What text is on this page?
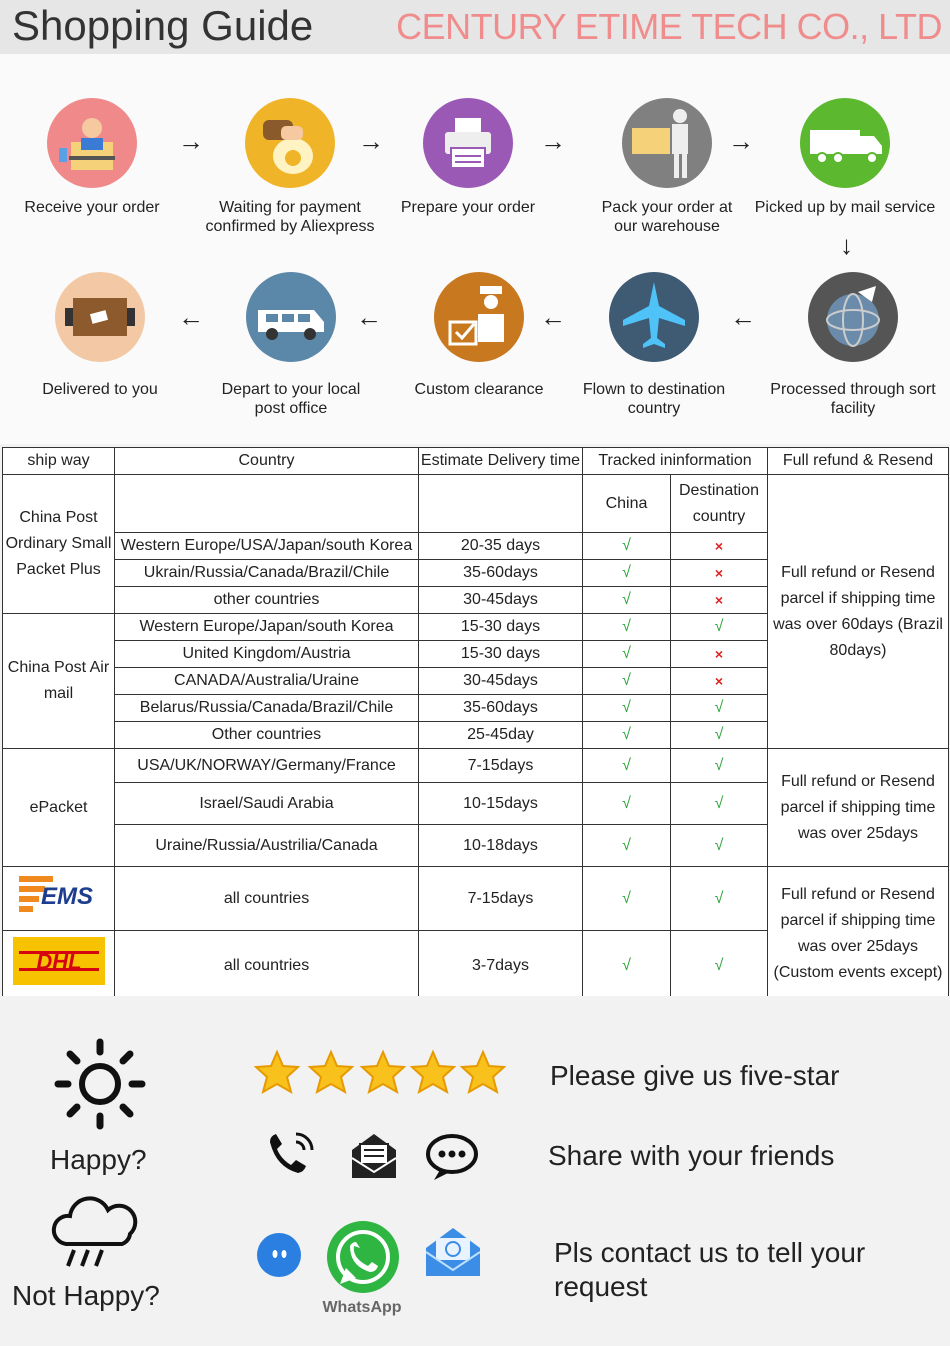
Shopping Guide CENTURY ETIME TECH CO., LTD
Receive your order
→
Waiting for payment confirmed by Aliexpress
→
Prepare your order
→
Pack your order at our warehouse
→
Picked up by mail service
↓
Processed through sort facility
←
Flown to destination country
←
Custom clearance
←
Depart to your local post office
←
Delivered to you
ship way	Country	Estimate Delivery time	Tracked ininformation		Full refund & Resend
China Post Ordinary Small Packet Plus			China	Destination country	Full refund or Resend parcel if shipping time was over 60days (Brazil 80days)
	Western Europe/USA/Japan/south Korea	20-35 days	√	×	
	Ukrain/Russia/Canada/Brazil/Chile	35-60days	√	×	
	other countries	30-45days	√	×	
China Post Air mail	Western Europe/Japan/south Korea	15-30 days	√	√	
	United Kingdom/Austria	15-30 days	√	×	
	CANADA/Australia/Uraine	30-45days	√	×	
	Belarus/Russia/Canada/Brazil/Chile	35-60days	√	√	
	Other countries	25-45day	√	√	
ePacket	USA/UK/NORWAY/Germany/France	7-15days	√	√	Full refund or Resend parcel if shipping time was over 25days
	Israel/Saudi Arabia	10-15days	√	√	
	Uraine/Russia/Austrilia/Canada	10-18days	√	√	

EMS	all countries	7-15days	√	√	Full refund or Resend parcel if shipping time was over 25days (Custom events except)

DHL	all countries	3-7days	√	√	
Happy?
Not Happy?
Please give us five-star
Share with your friends
WhatsApp
Pls contact us to tell your request
